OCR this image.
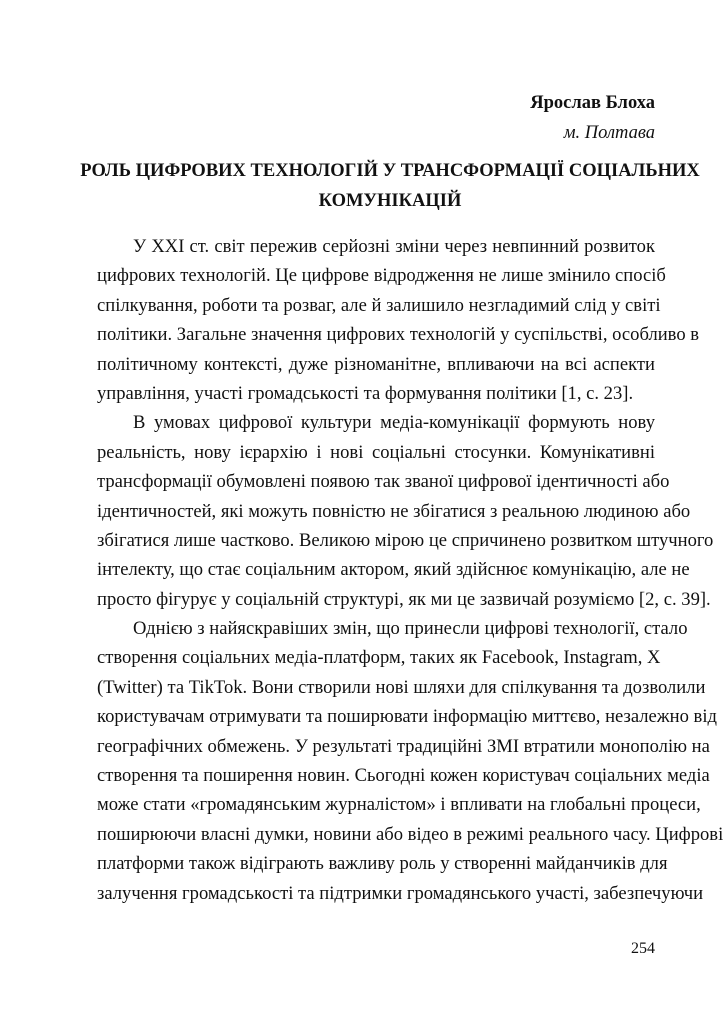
Ярослав Блоха
м. Полтава
РОЛЬ ЦИФРОВИХ ТЕХНОЛОГІЙ У ТРАНСФОРМАЦІЇ СОЦІАЛЬНИХ
КОМУНІКАЦІЙ
У XXI ст. світ пережив серйозні зміни через невпинний розвиток
цифрових технологій. Це цифрове відродження не лише змінило спосіб
спілкування, роботи та розваг, але й залишило незгладимий слід у світі
політики. Загальне значення цифрових технологій у суспільстві, особливо в
політичному контексті, дуже різноманітне, впливаючи на всі аспекти
управління, участі громадськості та формування політики [1, с. 23].
В умовах цифрової культури медіа-комунікації формують нову
реальність, нову ієрархію і нові соціальні стосунки. Комунікативні
трансформації обумовлені появою так званої цифрової ідентичності або
ідентичностей, які можуть повністю не збігатися з реальною людиною або
збігатися лише частково. Великою мірою це спричинено розвитком штучного
інтелекту, що стає соціальним актором, який здійснює комунікацію, але не
просто фігурує у соціальній структурі, як ми це зазвичай розуміємо [2, с. 39].
Однією з найяскравіших змін, що принесли цифрові технології, стало
створення соціальних медіа-платформ, таких як Facebook, Instagram, X
(Twitter) та TikTok. Вони створили нові шляхи для спілкування та дозволили
користувачам отримувати та поширювати інформацію миттєво, незалежно від
географічних обмежень. У результаті традиційні ЗМІ втратили монополію на
створення та поширення новин. Сьогодні кожен користувач соціальних медіа
може стати «громадянським журналістом» і впливати на глобальні процеси,
поширюючи власні думки, новини або відео в режимі реального часу. Цифрові
платформи також відіграють важливу роль у створенні майданчиків для
залучення громадськості та підтримки громадянського участі, забезпечуючи
254
